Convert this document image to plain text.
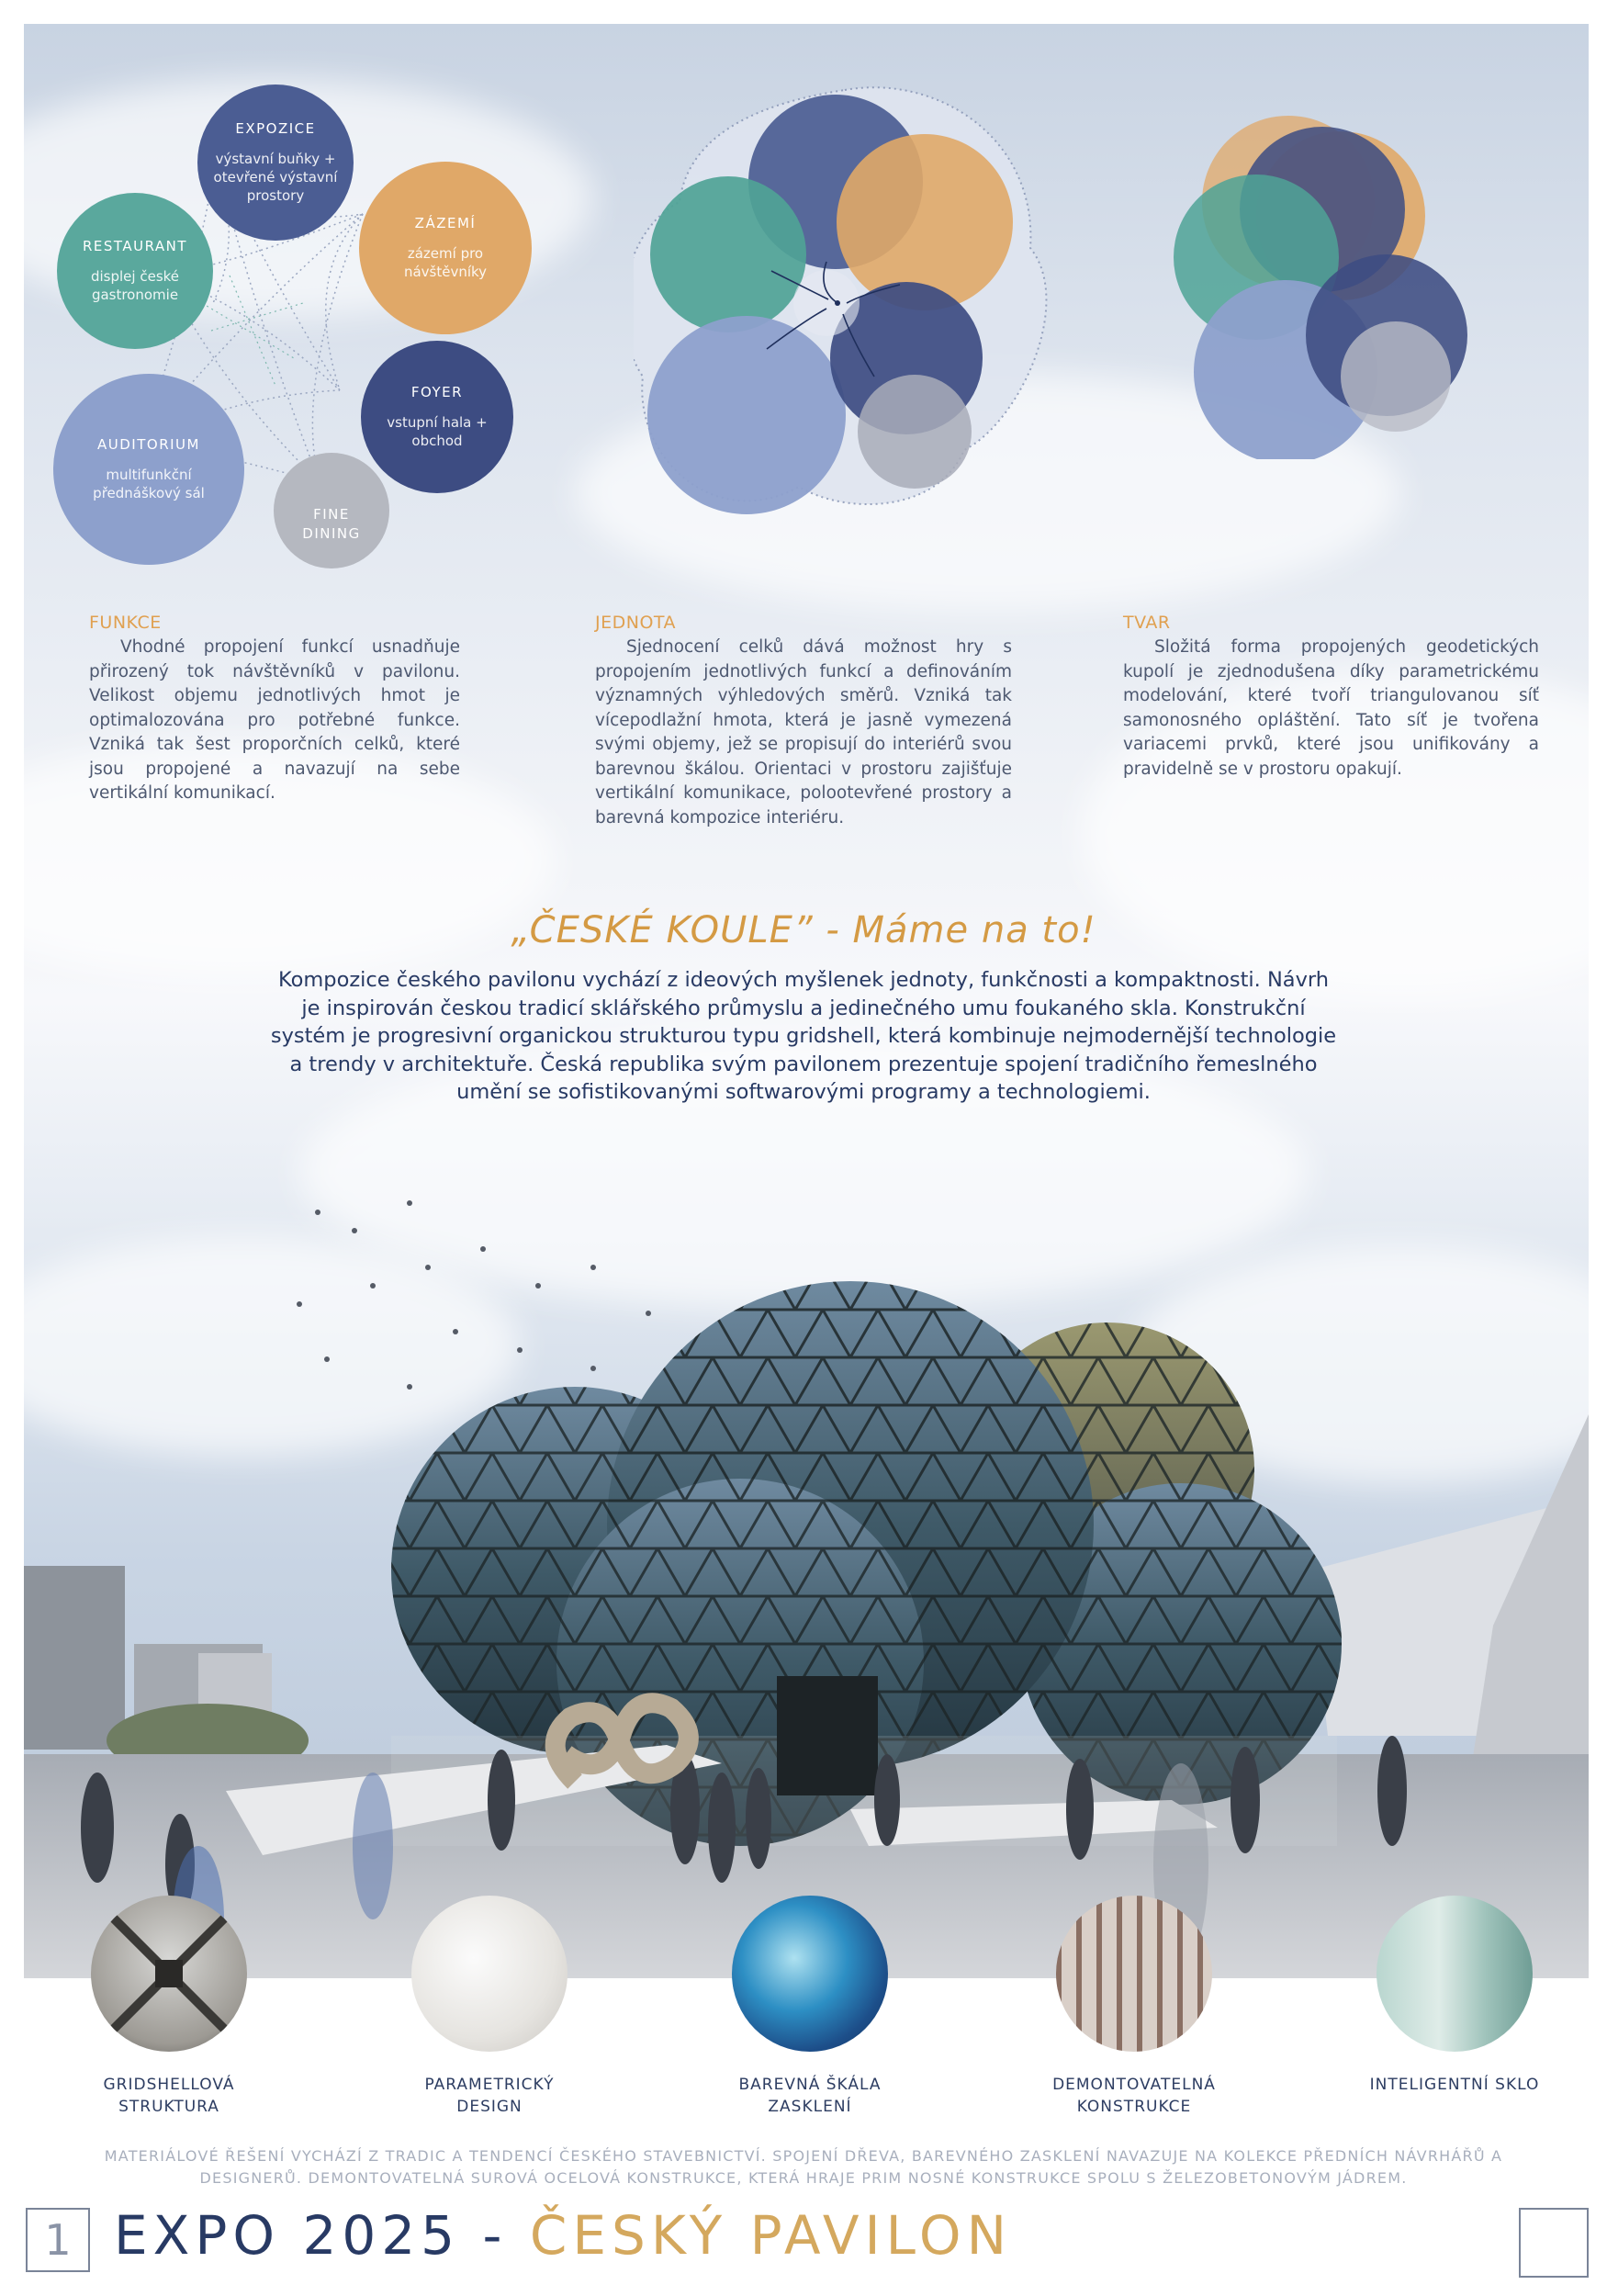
EXPOZICE
výstavní buňky + otevřené výstavní prostory
ZÁZEMÍ
zázemí pro návštěvníky
RESTAURANT
displej české gastronomie
FOYER
vstupní hala + obchod
AUDITORIUM
multifunkční přednáškový sál
FINE DINING
FUNKCE
Vhodné propojení funkcí usnadňuje přirozený tok návštěvníků v pavilonu. Velikost objemu jednotlivých hmot je optimalozována pro potřebné funkce. Vzniká tak šest proporčních celků, které jsou propojené a navazují na sebe vertikální komunikací.
JEDNOTA
Sjednocení celků dává možnost hry s propojením jednotlivých funkcí a definováním významných výhledových směrů. Vzniká tak vícepodlažní hmota, která je jasně vymezená svými objemy, jež se propisují do interiérů svou barevnou škálou. Orientaci v prostoru zajišťuje vertikální komunikace, polootevřené prostory a barevná kompozice interiéru.
TVAR
Složitá forma propojených geodetických kupolí je zjednodušena díky parametrickému modelování, které tvoří triangulovanou síť samonosného opláštění. Tato síť je tvořena variacemi prvků, které jsou unifikovány a pravidelně se v prostoru opakují.
„ČESKÉ KOULE” - Máme na to!
Kompozice českého pavilonu vychází z ideových myšlenek jednoty, funkčnosti a kompaktnosti. Návrh je inspirován českou tradicí sklářského průmyslu a jedinečného umu foukaného skla. Konstrukční systém je progresivní organickou strukturou typu gridshell, která kombinuje nejmodernější technologie a trendy v architektuře. Česká republika svým pavilonem prezentuje spojení tradičního řemeslného umění se sofistikovanými softwarovými programy a technologiemi.
GRIDSHELLOVÁ STRUKTURA
PARAMETRICKÝ DESIGN
BAREVNÁ ŠKÁLA ZASKLENÍ
DEMONTOVATELNÁ KONSTRUKCE
INTELIGENTNÍ SKLO
MATERIÁLOVÉ ŘEŠENÍ VYCHÁZÍ Z TRADIC A TENDENCÍ ČESKÉHO STAVEBNICTVÍ. SPOJENÍ DŘEVA, BAREVNÉHO ZASKLENÍ NAVAZUJE NA KOLEKCE PŘEDNÍCH NÁVRHÁŘŮ A DESIGNERŮ. DEMONTOVATELNÁ SUROVÁ OCELOVÁ KONSTRUKCE, KTERÁ HRAJE PRIM NOSNÉ KONSTRUKCE SPOLU S ŽELEZOBETONOVÝM JÁDREM.
1 EXPO 2025 - ČESKÝ PAVILON
